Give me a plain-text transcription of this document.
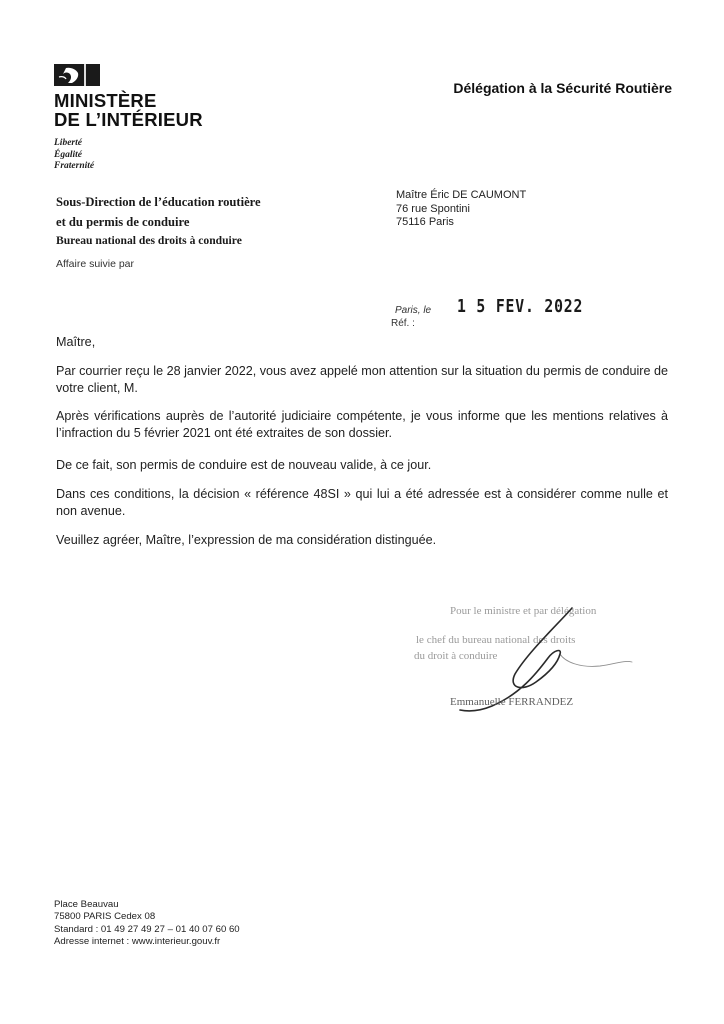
MINISTÈRE
DE L’INTÉRIEUR
Liberté
Égalité
Fraternité
Délégation à la Sécurité Routière
Sous-Direction de l’éducation routière
et du permis de conduire
Bureau national des droits à conduire
Affaire suivie par
Maître Éric DE CAUMONT
76 rue Spontini
75116 Paris
Paris, le 1 5 FEV. 2022
Réf. :

Maître,

Par courrier reçu le 28 janvier 2022, vous avez appelé mon attention sur la situation du permis de conduire de votre client, M.

Après vérifications auprès de l’autorité judiciaire compétente, je vous informe que les mentions relatives à l’infraction du 5 février 2021 ont été extraites de son dossier.

De ce fait, son permis de conduire est de nouveau valide, à ce jour.

Dans ces conditions, la décision « référence 48SI » qui lui a été adressée est à considérer comme nulle et non avenue.

Veuillez agréer, Maître, l’expression de ma considération distinguée.

Pour le ministre et par délégation
le chef du bureau national des droits
du droit à conduire
Emmanuelle FERRANDEZ
Place Beauvau
75800 PARIS Cedex 08
Standard : 01 49 27 49 27 – 01 40 07 60 60
Adresse internet : www.interieur.gouv.fr
